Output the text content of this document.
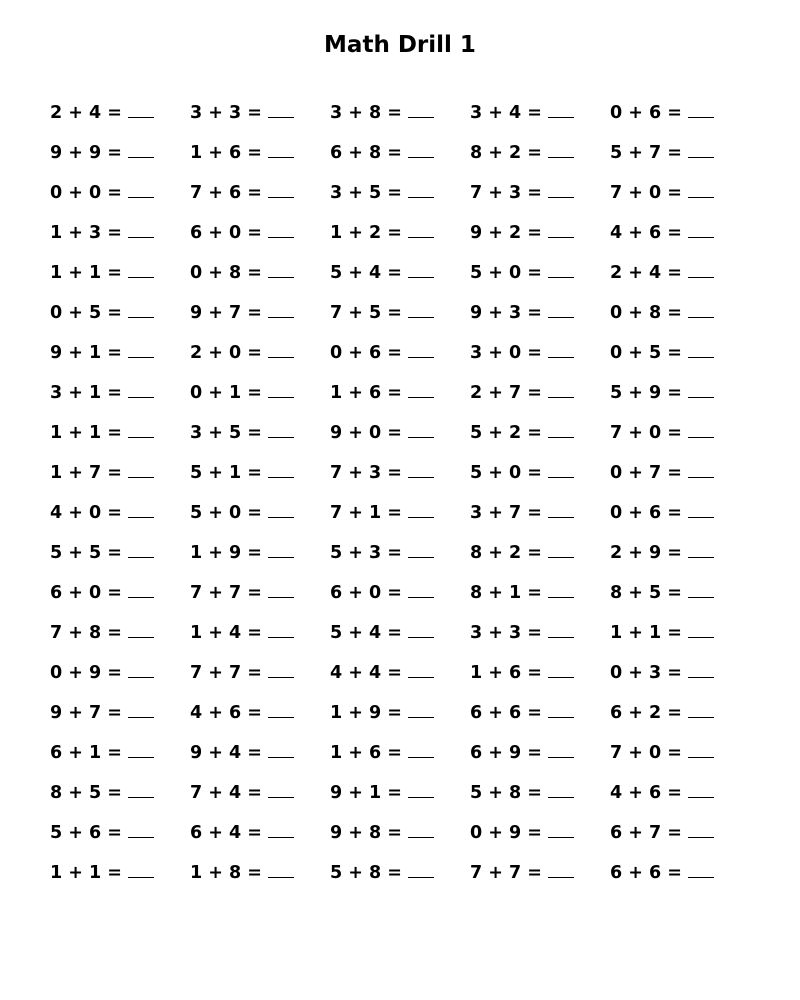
Math Drill 1
2 + 4 =	3 + 3 =	3 + 8 =	3 + 4 =	0 + 6 =
9 + 9 =	1 + 6 =	6 + 8 =	8 + 2 =	5 + 7 =
0 + 0 =	7 + 6 =	3 + 5 =	7 + 3 =	7 + 0 =
1 + 3 =	6 + 0 =	1 + 2 =	9 + 2 =	4 + 6 =
1 + 1 =	0 + 8 =	5 + 4 =	5 + 0 =	2 + 4 =
0 + 5 =	9 + 7 =	7 + 5 =	9 + 3 =	0 + 8 =
9 + 1 =	2 + 0 =	0 + 6 =	3 + 0 =	0 + 5 =
3 + 1 =	0 + 1 =	1 + 6 =	2 + 7 =	5 + 9 =
1 + 1 =	3 + 5 =	9 + 0 =	5 + 2 =	7 + 0 =
1 + 7 =	5 + 1 =	7 + 3 =	5 + 0 =	0 + 7 =
4 + 0 =	5 + 0 =	7 + 1 =	3 + 7 =	0 + 6 =
5 + 5 =	1 + 9 =	5 + 3 =	8 + 2 =	2 + 9 =
6 + 0 =	7 + 7 =	6 + 0 =	8 + 1 =	8 + 5 =
7 + 8 =	1 + 4 =	5 + 4 =	3 + 3 =	1 + 1 =
0 + 9 =	7 + 7 =	4 + 4 =	1 + 6 =	0 + 3 =
9 + 7 =	4 + 6 =	1 + 9 =	6 + 6 =	6 + 2 =
6 + 1 =	9 + 4 =	1 + 6 =	6 + 9 =	7 + 0 =
8 + 5 =	7 + 4 =	9 + 1 =	5 + 8 =	4 + 6 =
5 + 6 =	6 + 4 =	9 + 8 =	0 + 9 =	6 + 7 =
1 + 1 =	1 + 8 =	5 + 8 =	7 + 7 =	6 + 6 =
